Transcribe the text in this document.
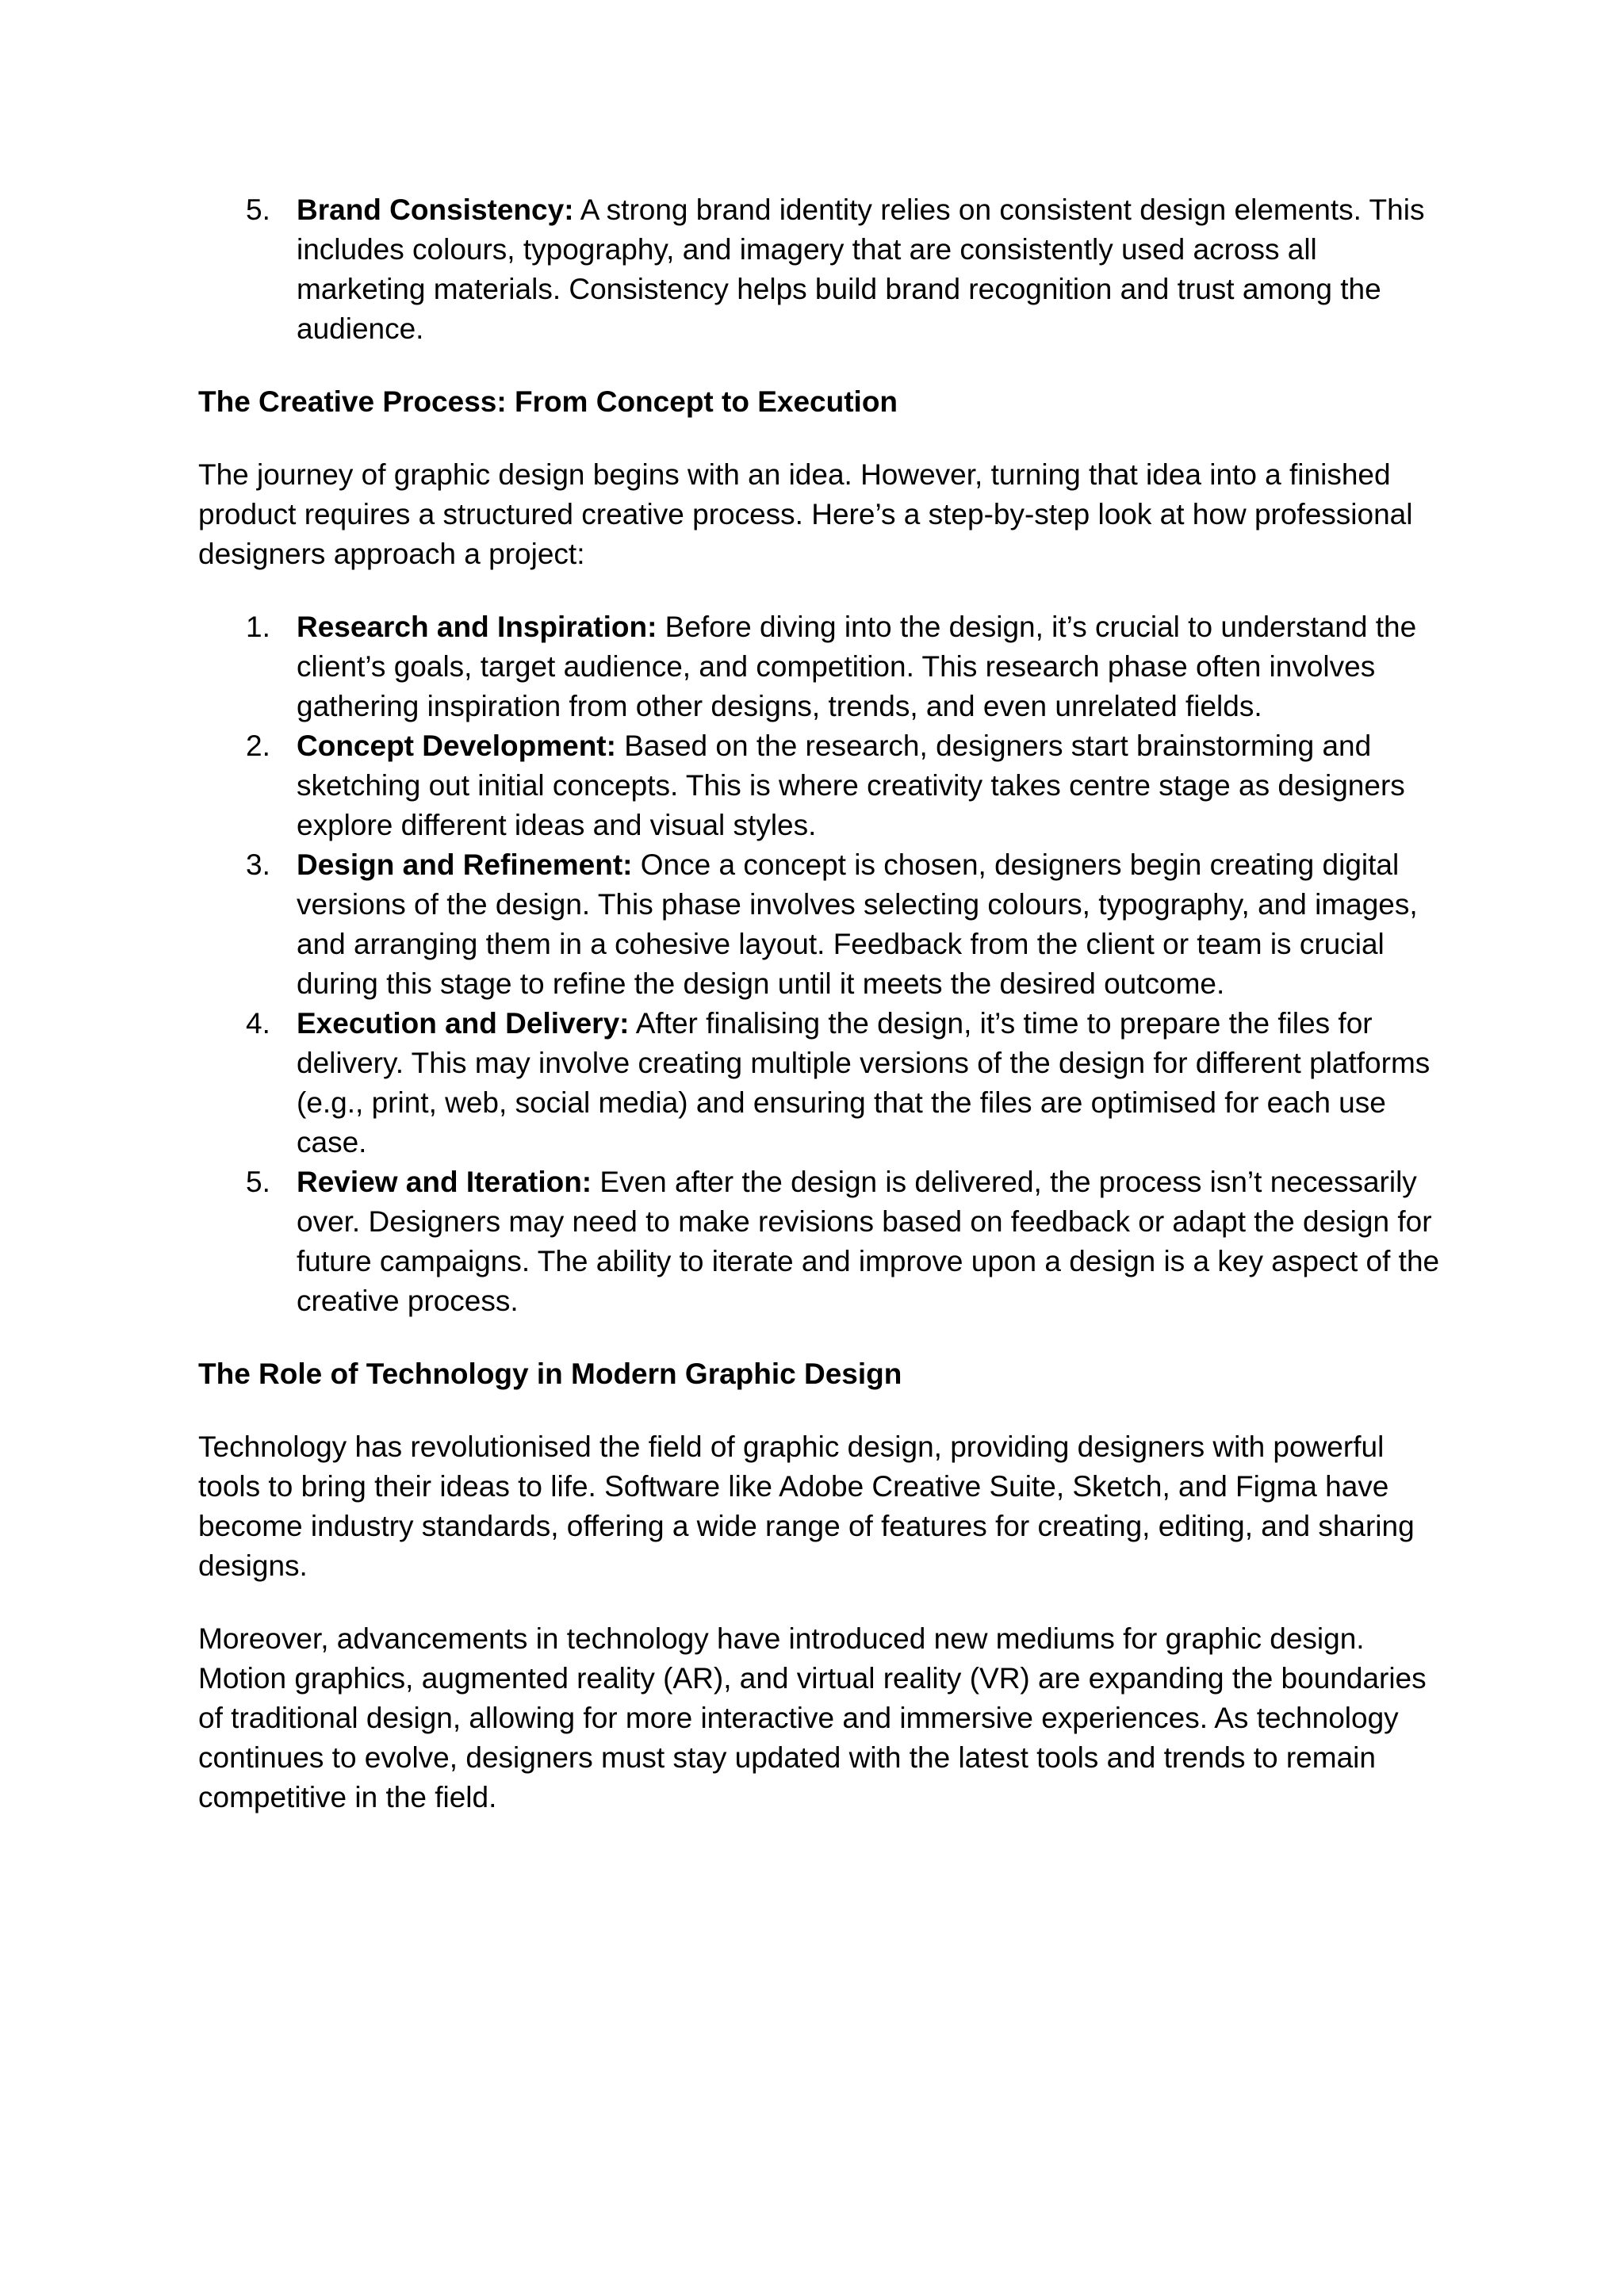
5. Brand Consistency: A strong brand identity relies on consistent design elements. This includes colours, typography, and imagery that are consistently used across all marketing materials. Consistency helps build brand recognition and trust among the audience.
The Creative Process: From Concept to Execution

The journey of graphic design begins with an idea. However, turning that idea into a finished product requires a structured creative process. Here’s a step-by-step look at how professional designers approach a project:

1. Research and Inspiration: Before diving into the design, it’s crucial to understand the client’s goals, target audience, and competition. This research phase often involves gathering inspiration from other designs, trends, and even unrelated fields.
2. Concept Development: Based on the research, designers start brainstorming and sketching out initial concepts. This is where creativity takes centre stage as designers explore different ideas and visual styles.
3. Design and Refinement: Once a concept is chosen, designers begin creating digital versions of the design. This phase involves selecting colours, typography, and images, and arranging them in a cohesive layout. Feedback from the client or team is crucial during this stage to refine the design until it meets the desired outcome.
4. Execution and Delivery: After finalising the design, it’s time to prepare the files for delivery. This may involve creating multiple versions of the design for different platforms (e.g., print, web, social media) and ensuring that the files are optimised for each use case.
5. Review and Iteration: Even after the design is delivered, the process isn’t necessarily over. Designers may need to make revisions based on feedback or adapt the design for future campaigns. The ability to iterate and improve upon a design is a key aspect of the creative process.
The Role of Technology in Modern Graphic Design

Technology has revolutionised the field of graphic design, providing designers with powerful tools to bring their ideas to life. Software like Adobe Creative Suite, Sketch, and Figma have become industry standards, offering a wide range of features for creating, editing, and sharing designs.

Moreover, advancements in technology have introduced new mediums for graphic design. Motion graphics, augmented reality (AR), and virtual reality (VR) are expanding the boundaries of traditional design, allowing for more interactive and immersive experiences. As technology continues to evolve, designers must stay updated with the latest tools and trends to remain competitive in the field.
